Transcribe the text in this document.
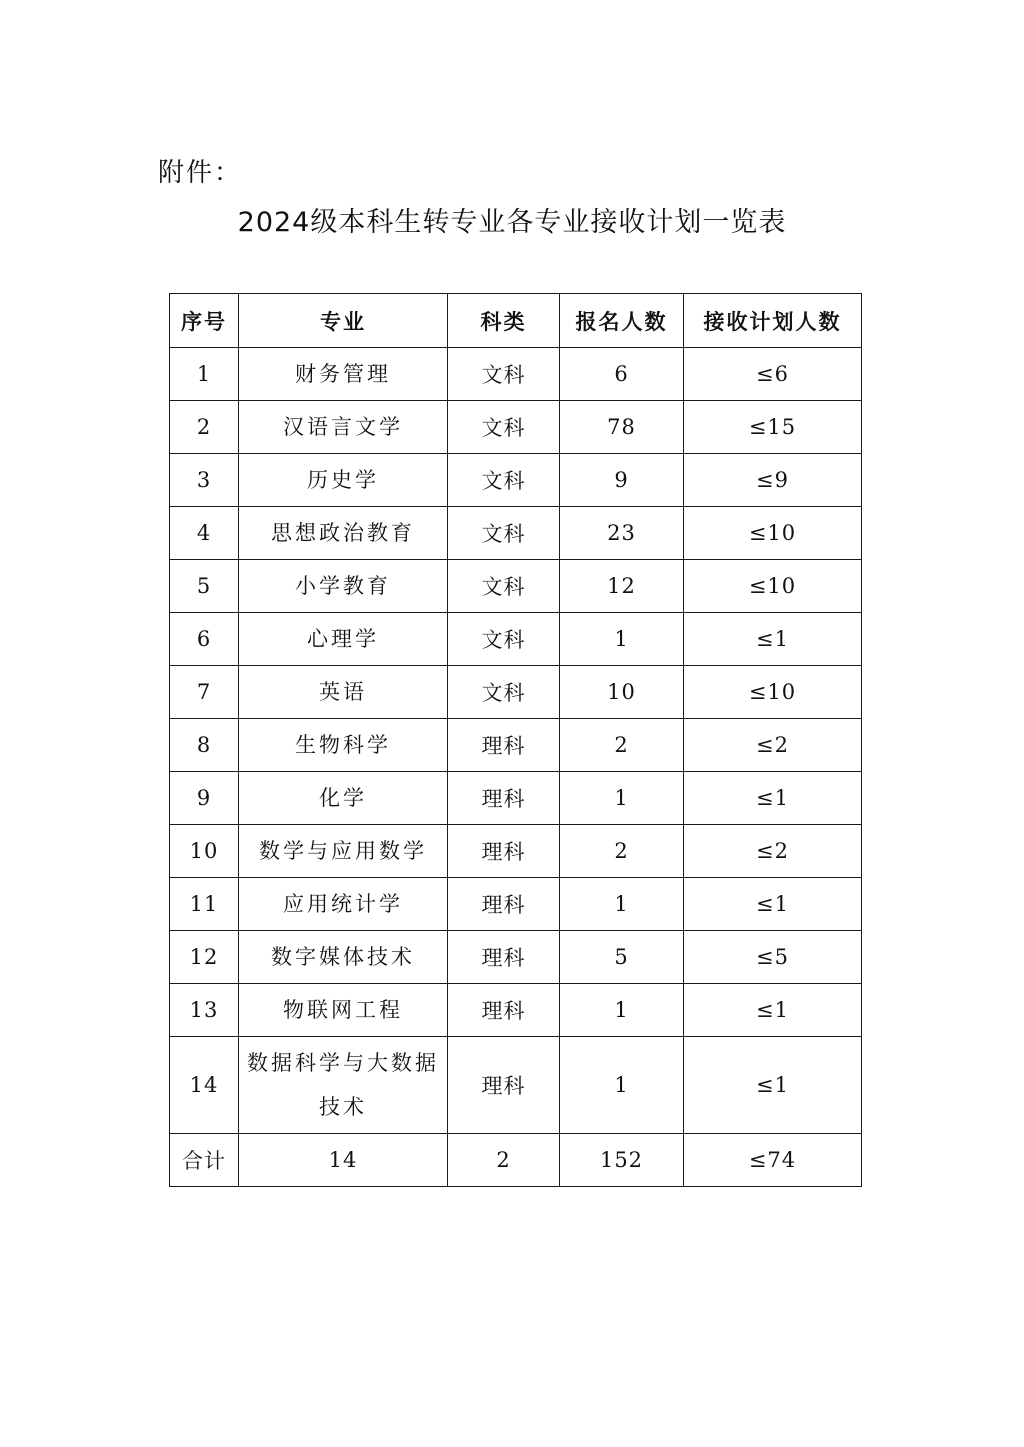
附件：
2024级本科生转专业各专业接收计划一览表
序号	专业	科类	报名人数	接收计划人数
1	财务管理	文科	6	≤6
2	汉语言文学	文科	78	≤15
3	历史学	文科	9	≤9
4	思想政治教育	文科	23	≤10
5	小学教育	文科	12	≤10
6	心理学	文科	1	≤1
7	英语	文科	10	≤10
8	生物科学	理科	2	≤2
9	化学	理科	1	≤1
10	数学与应用数学	理科	2	≤2
11	应用统计学	理科	1	≤1
12	数字媒体技术	理科	5	≤5
13	物联网工程	理科	1	≤1
14	数据科学与大数据技术	理科	1	≤1
合计	14	2	152	≤74
